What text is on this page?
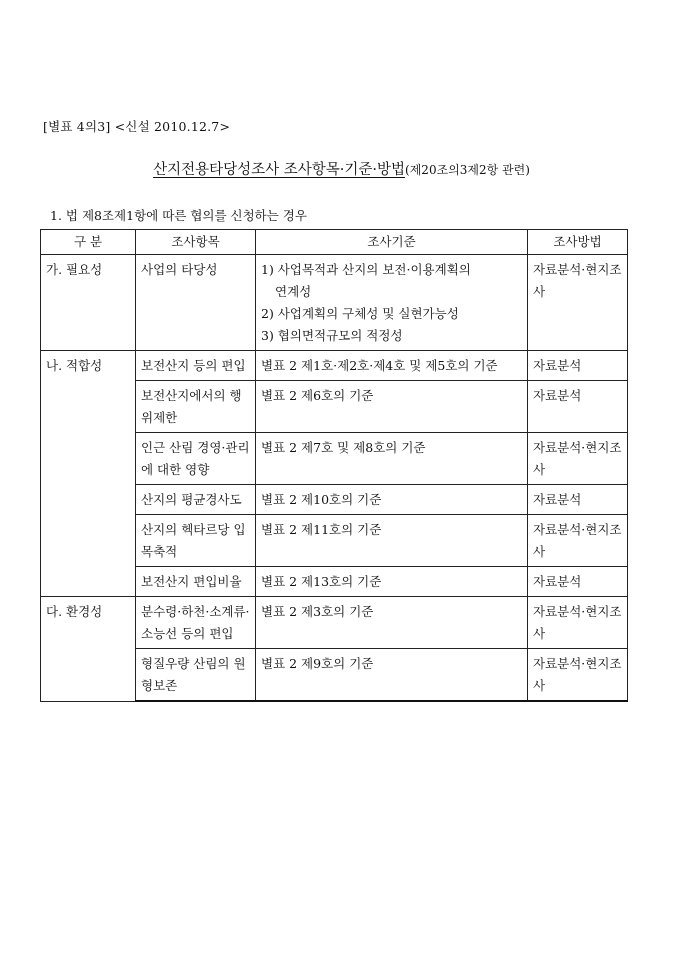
[별표 4의3] <신설 2010.12.7>
산지전용타당성조사 조사항목·기준·방법(제20조의3제2항 관련)
1. 법 제8조제1항에 따른 협의를 신청하는 경우
구 분	조사항목	조사기준	조사방법
가. 필요성	사업의 타당성	1) 사업목적과 산지의 보전·이용계획의
연계성
2) 사업계획의 구체성 및 실현가능성
3) 협의면적규모의 적정성	자료분석·현지조사
나. 적합성	보전산지 등의 편입	별표 2 제1호·제2호·제4호 및 제5호의 기준	자료분석
	보전산지에서의 행위제한	별표 2 제6호의 기준	자료분석
	인근 산림 경영·관리에 대한 영향	별표 2 제7호 및 제8호의 기준	자료분석·현지조사
	산지의 평균경사도	별표 2 제10호의 기준	자료분석
	산지의 헥타르당 입목축적	별표 2 제11호의 기준	자료분석·현지조사
	보전산지 편입비율	별표 2 제13호의 기준	자료분석
다. 환경성	분수령·하천·소계류·소능선 등의 편입	별표 2 제3호의 기준	자료분석·현지조사
	형질우량 산림의 원형보존	별표 2 제9호의 기준	자료분석·현지조사
